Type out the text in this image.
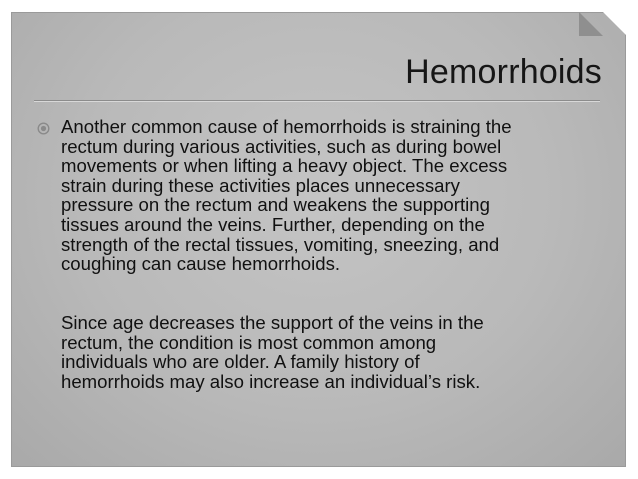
Hemorrhoids

Another common cause of hemorrhoids is straining the
rectum during various activities, such as during bowel
movements or when lifting a heavy object. The excess
strain during these activities places unnecessary
pressure on the rectum and weakens the supporting
tissues around the veins. Further, depending on the
strength of the rectal tissues, vomiting, sneezing, and
coughing can cause hemorrhoids.

Since age decreases the support of the veins in the
rectum, the condition is most common among
individuals who are older. A family history of
hemorrhoids may also increase an individual’s risk.
